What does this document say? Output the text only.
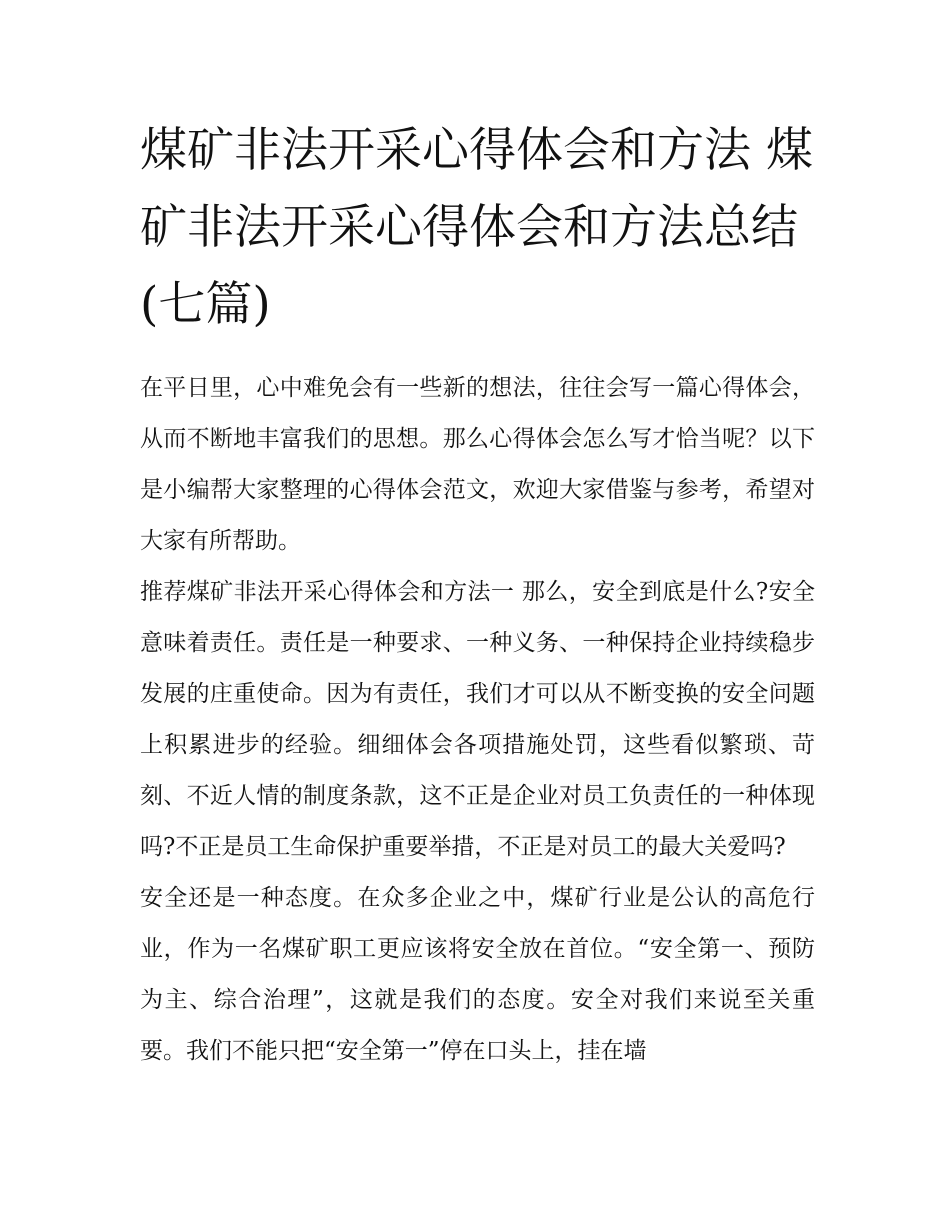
煤矿非法开采心得体会和方法 煤矿非法开采心得体会和方法总结(七篇)

在平日里，心中难免会有一些新的想法，往往会写一篇心得体会，从而不断地丰富我们的思想。那么心得体会怎么写才恰当呢？以下是小编帮大家整理的心得体会范文，欢迎大家借鉴与参考，希望对大家有所帮助。

推荐煤矿非法开采心得体会和方法一 那么，安全到底是什么?安全意味着责任。责任是一种要求、一种义务、一种保持企业持续稳步发展的庄重使命。因为有责任，我们才可以从不断变换的安全问题上积累进步的经验。细细体会各项措施处罚，这些看似繁琐、苛刻、不近人情的制度条款，这不正是企业对员工负责任的一种体现吗?不正是员工生命保护重要举措，不正是对员工的最大关爱吗?

安全还是一种态度。在众多企业之中，煤矿行业是公认的高危行业，作为一名煤矿职工更应该将安全放在首位。“安全第一、预防为主、综合治理”，这就是我们的态度。安全对我们来说至关重要。我们不能只把“安全第一”停在口头上，挂在墙
